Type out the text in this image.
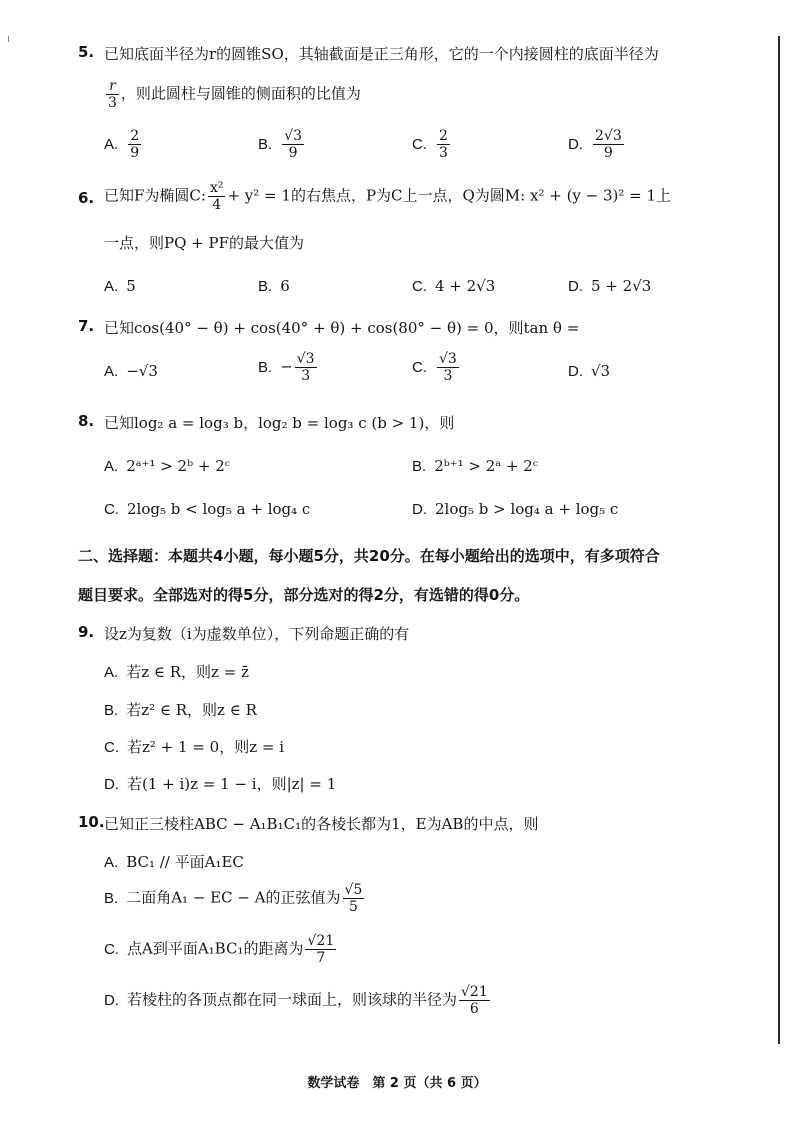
5. 已知底面半径为r的圆锥SO，其轴截面是正三角形，它的一个内接圆柱的底面半径为
$\frac{r}{3}$ ，则此圆柱与圆锥的侧面积的比值为
A. $\frac{2}{9}$	B. $\frac{√3}{9}$	C. $\frac{2}{3}$	D. $\frac{2√3}{9}$
6. 已知F为椭圆C: $\frac{\text{x²}}{4} + y^2 = 1$的右焦点，P为C上一点，Q为圆M: x² + (y − 3)² = 1上
一点，则PQ + PF的最大值为
A. 5	B. 6	C. 4 + 2√3	D. 5 + 2√3
7. 已知cos(40° − θ) + cos(40° + θ) + cos(80° − θ) = 0，则tan θ =
A. −√3	B. − $\frac{√3}{3}$	C. $\frac{√3}{3}$	D. √3
8. 已知log₂ a = log₃ b，log₂ b = log₃ c (b > 1)，则
A. 2ᵃ⁺¹ > 2ᵇ + 2ᶜ	B. 2ᵇ⁺¹ > 2ᵃ + 2ᶜ
C. 2log₅ b < log₅ a + log₄ c	D. 2log₅ b > log₄ a + log₅ c
二、选择题：本题共4小题，每小题5分，共20分。在每小题给出的选项中，有多项符合
题目要求。全部选对的得5分，部分选对的得2分，有选错的得0分。
9. 设z为复数（i为虚数单位），下列命题正确的有
A. 若z ∈ R，则z = z̄
B. 若z² ∈ R，则z ∈ R
C. 若z² + 1 = 0，则z = i
D. 若(1 + i)z = 1 − i，则|z| = 1
10. 已知正三棱柱ABC − A₁B₁C₁的各棱长都为1，E为AB的中点，则
A. BC₁ // 平面A₁EC
B. 二面角A₁ − EC − A的正弦值为 $\frac{√5}{5}$
C. 点A到平面A₁BC₁的距离为 $\frac{√21}{7}$
D. 若棱柱的各顶点都在同一球面上，则该球的半径为 $\frac{√21}{6}$
数学试卷　第 2 页（共 6 页）
